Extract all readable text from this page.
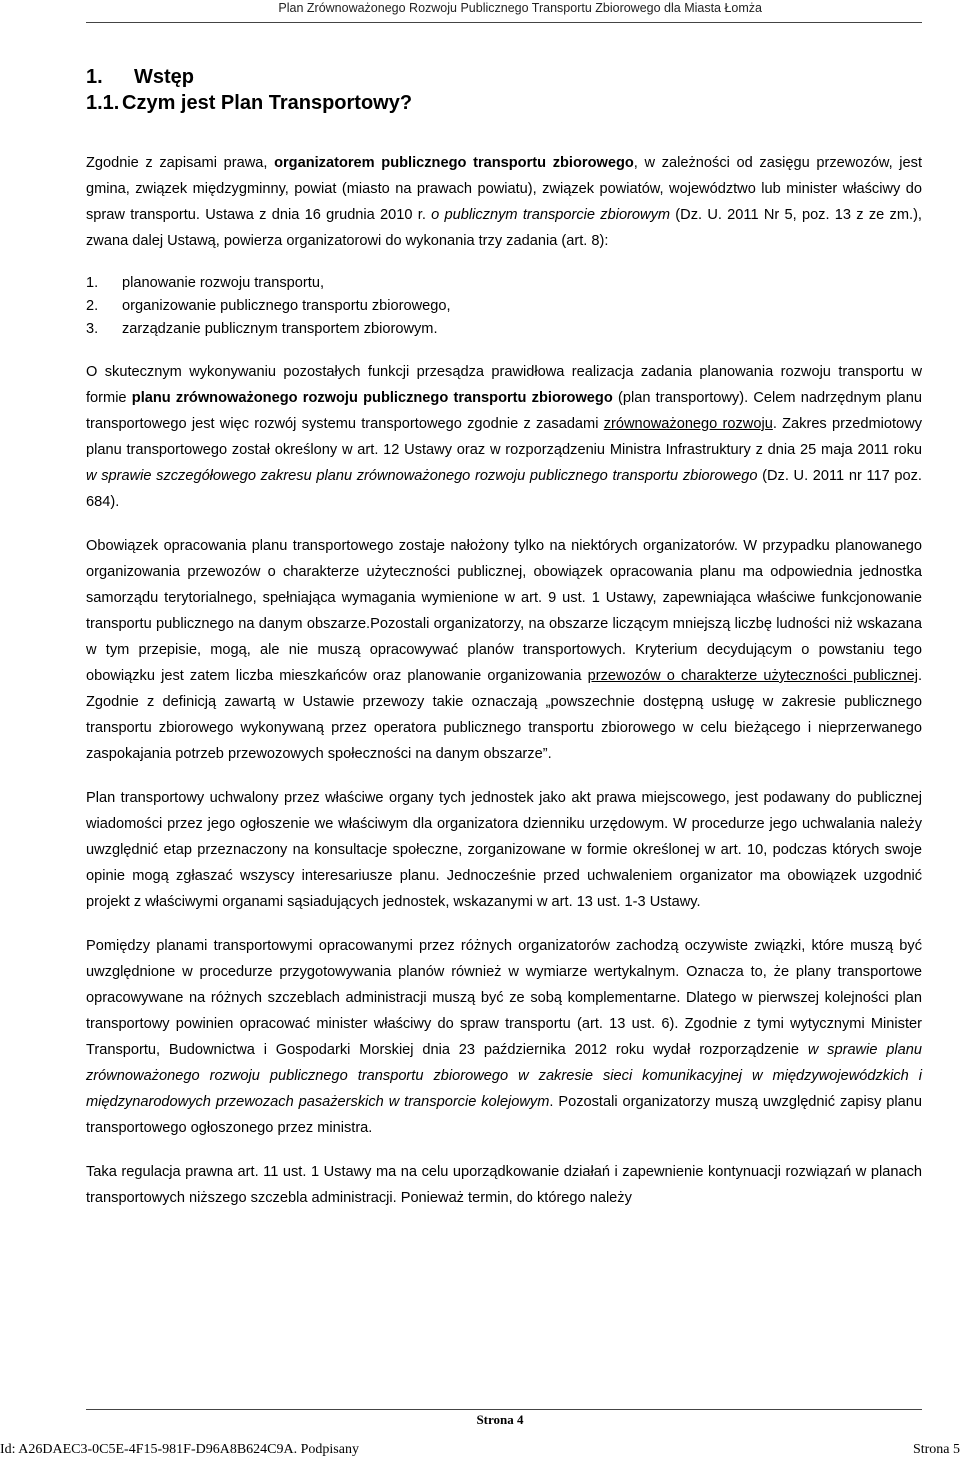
Plan Zrównoważonego Rozwoju Publicznego Transportu Zbiorowego dla Miasta Łomża
1. Wstęp
1.1. Czym jest Plan Transportowy?

Zgodnie z zapisami prawa, organizatorem publicznego transportu zbiorowego, w zależności od zasięgu przewozów, jest gmina, związek międzygminny, powiat (miasto na prawach powiatu), związek powiatów, województwo lub minister właściwy do spraw transportu. Ustawa z dnia 16 grudnia 2010 r. o publicznym transporcie zbiorowym (Dz. U. 2011 Nr 5, poz. 13 z ze zm.), zwana dalej Ustawą, powierza organizatorowi do wykonania trzy zadania (art. 8):

1.	planowanie rozwoju transportu,
2.	organizowanie publicznego transportu zbiorowego,
3.	zarządzanie publicznym transportem zbiorowym.

O skutecznym wykonywaniu pozostałych funkcji przesądza prawidłowa realizacja zadania planowania rozwoju transportu w formie planu zrównoważonego rozwoju publicznego transportu zbiorowego (plan transportowy). Celem nadrzędnym planu transportowego jest więc rozwój systemu transportowego zgodnie z zasadami zrównoważonego rozwoju. Zakres przedmiotowy planu transportowego został określony w art. 12 Ustawy oraz w rozporządzeniu Ministra Infrastruktury z dnia 25 maja 2011 roku w sprawie szczegółowego zakresu planu zrównoważonego rozwoju publicznego transportu zbiorowego (Dz. U. 2011 nr 117 poz. 684).

Obowiązek opracowania planu transportowego zostaje nałożony tylko na niektórych organizatorów. W przypadku planowanego organizowania przewozów o charakterze użyteczności publicznej, obowiązek opracowania planu ma odpowiednia jednostka samorządu terytorialnego, spełniająca wymagania wymienione w art. 9 ust. 1 Ustawy, zapewniająca właściwe funkcjonowanie transportu publicznego na danym obszarze.Pozostali organizatorzy, na obszarze liczącym mniejszą liczbę ludności niż wskazana w tym przepisie, mogą, ale nie muszą opracowywać planów transportowych. Kryterium decydującym o powstaniu tego obowiązku jest zatem liczba mieszkańców oraz planowanie organizowania przewozów o charakterze użyteczności publicznej. Zgodnie z definicją zawartą w Ustawie przewozy takie oznaczają „powszechnie dostępną usługę w zakresie publicznego transportu zbiorowego wykonywaną przez operatora publicznego transportu zbiorowego w celu bieżącego i nieprzerwanego zaspokajania potrzeb przewozowych społeczności na danym obszarze”.

Plan transportowy uchwalony przez właściwe organy tych jednostek jako akt prawa miejscowego, jest podawany do publicznej wiadomości przez jego ogłoszenie we właściwym dla organizatora dzienniku urzędowym. W procedurze jego uchwalania należy uwzględnić etap przeznaczony na konsultacje społeczne, zorganizowane w formie określonej w art. 10, podczas których swoje opinie mogą zgłaszać wszyscy interesariusze planu. Jednocześnie przed uchwaleniem organizator ma obowiązek uzgodnić projekt z właściwymi organami sąsiadujących jednostek, wskazanymi w art. 13 ust. 1-3 Ustawy.

Pomiędzy planami transportowymi opracowanymi przez różnych organizatorów zachodzą oczywiste związki, które muszą być uwzględnione w procedurze przygotowywania planów również w wymiarze wertykalnym. Oznacza to, że plany transportowe opracowywane na różnych szczeblach administracji muszą być ze sobą komplementarne. Dlatego w pierwszej kolejności plan transportowy powinien opracować minister właściwy do spraw transportu (art. 13 ust. 6). Zgodnie z tymi wytycznymi Minister Transportu, Budownictwa i Gospodarki Morskiej dnia 23 października 2012 roku wydał rozporządzenie w sprawie planu zrównoważonego rozwoju publicznego transportu zbiorowego w zakresie sieci komunikacyjnej w międzywojewódzkich i międzynarodowych przewozach pasażerskich w transporcie kolejowym. Pozostali organizatorzy muszą uwzględnić zapisy planu transportowego ogłoszonego przez ministra.

Taka regulacja prawna art. 11 ust. 1 Ustawy ma na celu uporządkowanie działań i zapewnienie kontynuacji rozwiązań w planach transportowych niższego szczebla administracji. Ponieważ termin, do którego należy

Strona 4
Id: A26DAEC3-0C5E-4F15-981F-D96A8B624C9A. Podpisany	Strona 5
